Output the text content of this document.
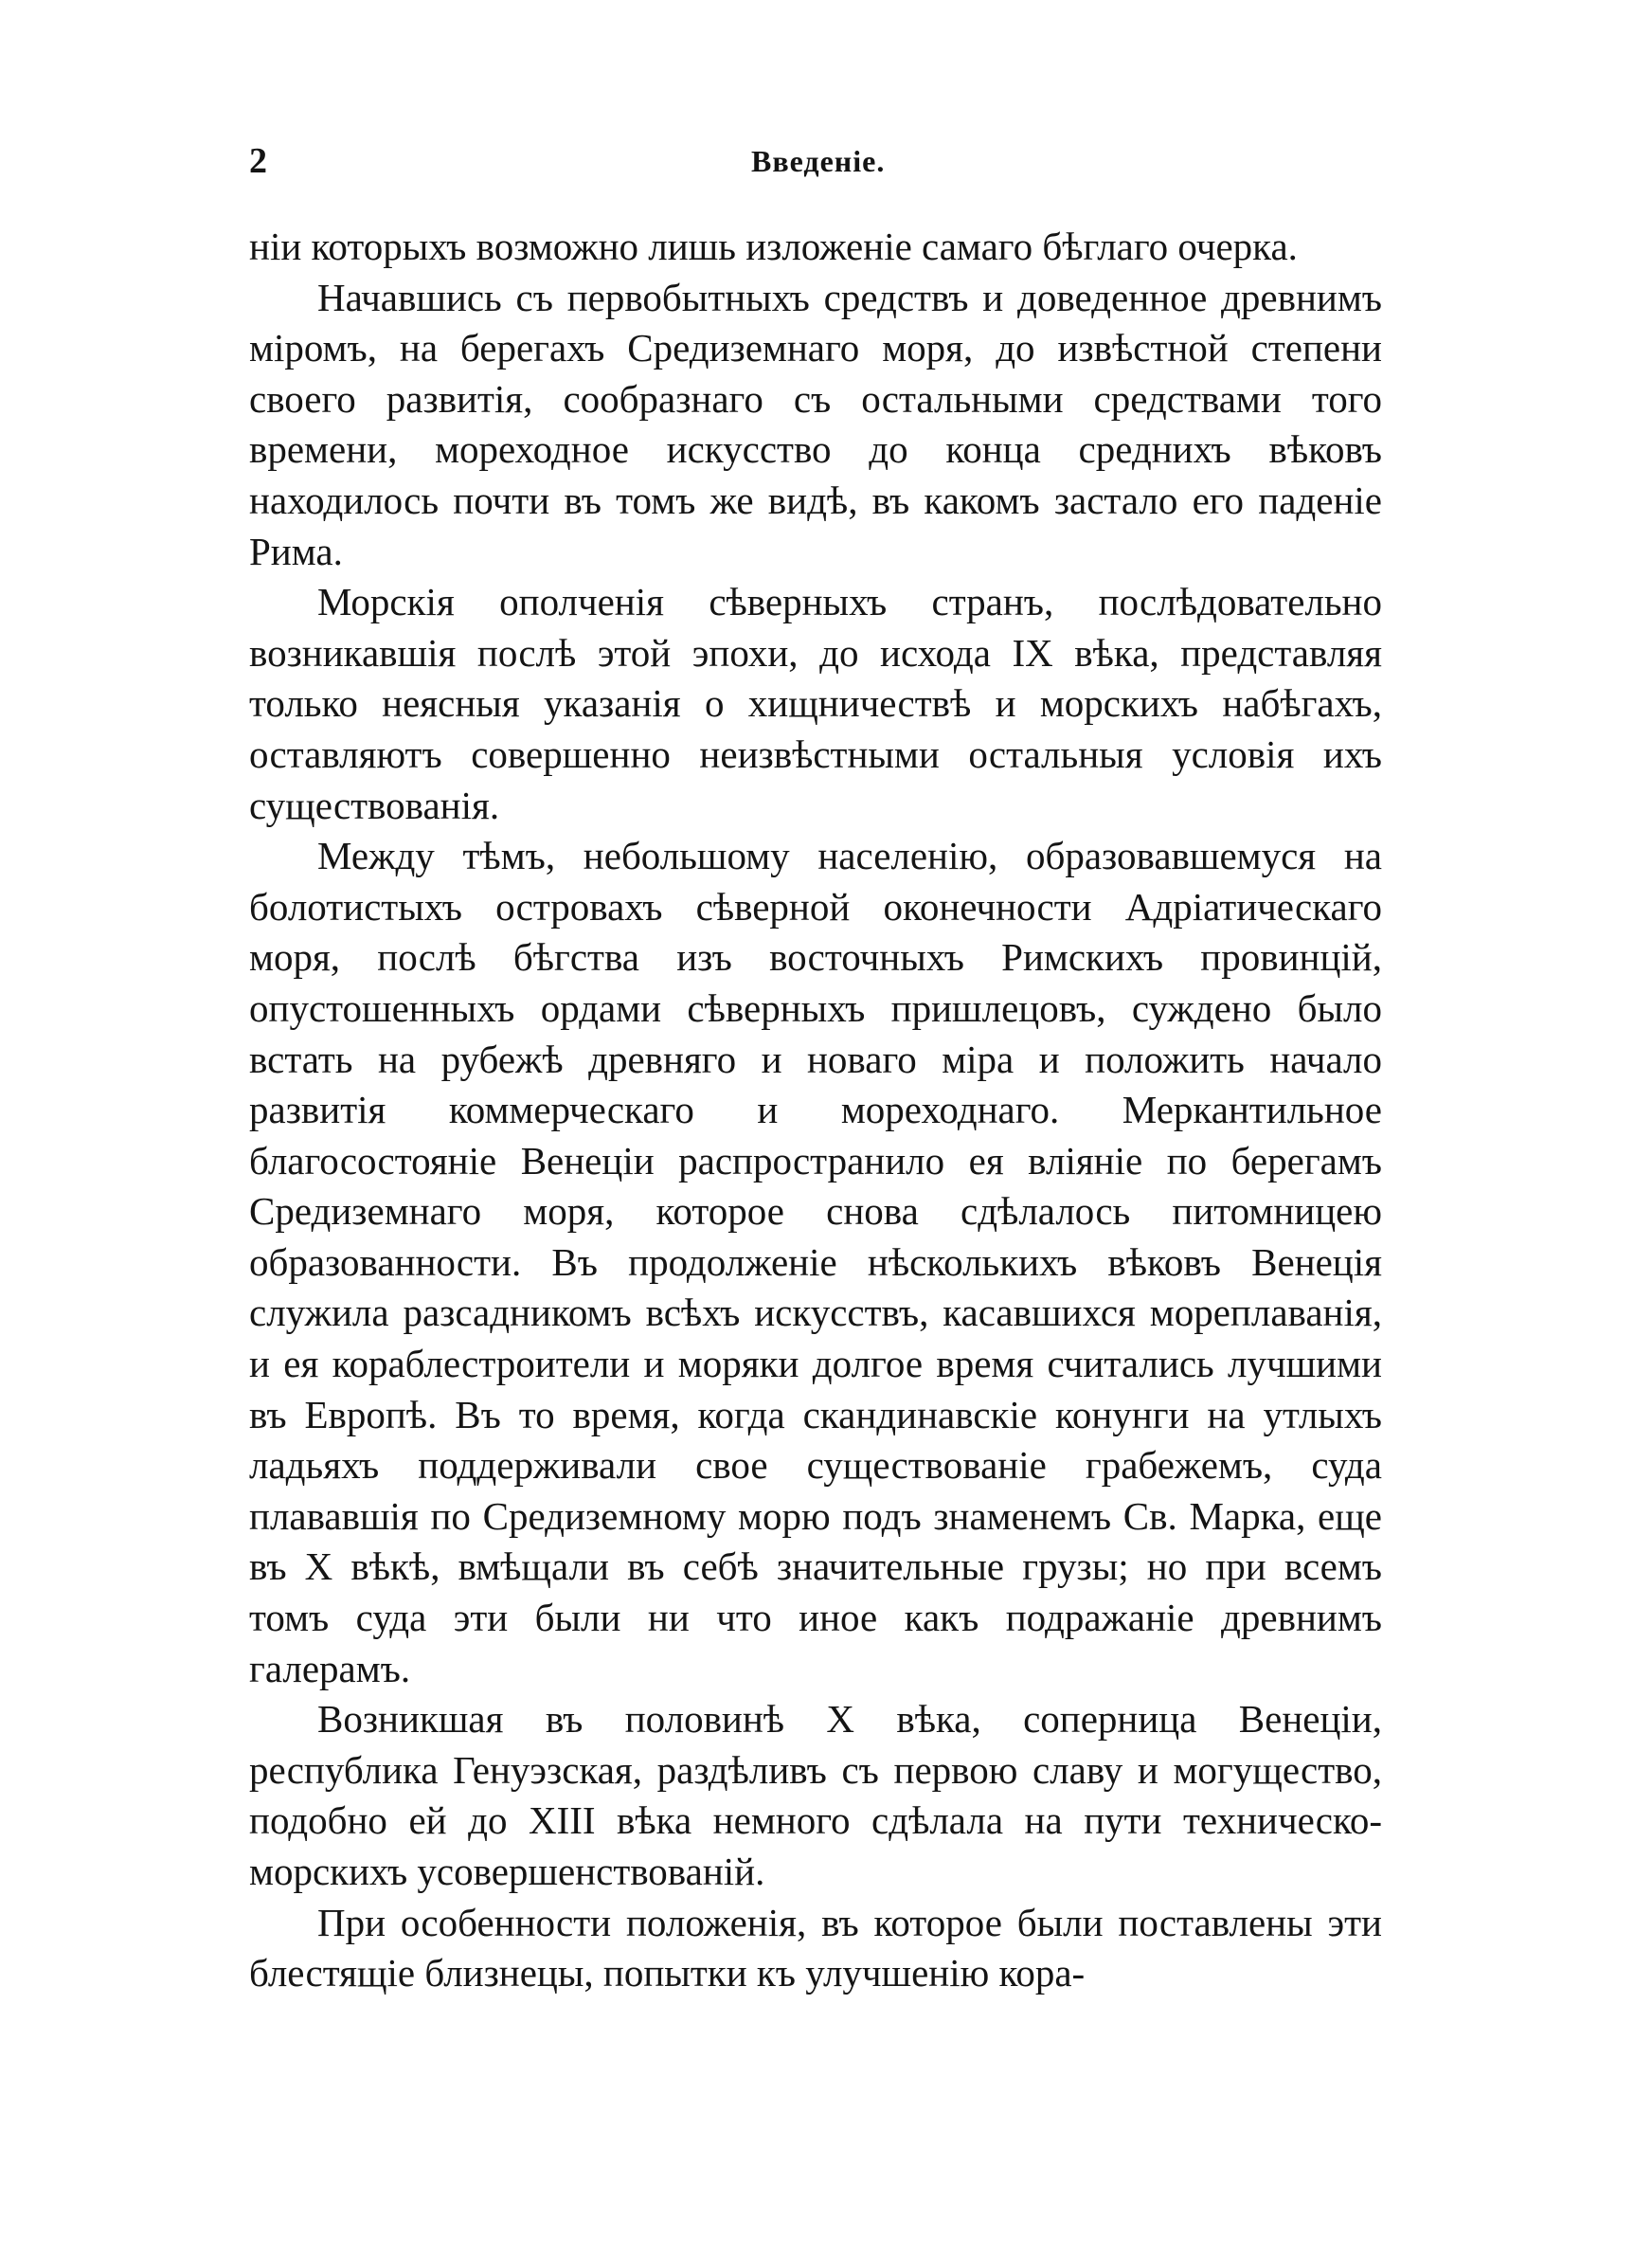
2	Введенiе.

нiи которыхъ возможно лишь изложенiе самаго бѣглаго очерка.

Начавшись съ первобытныхъ средствъ и доведенное древнимъ мiромъ, на берегахъ Средиземнаго моря, до извѣстной степени своего развитiя, сообразнаго съ остальными средствами того времени, мореходное искусство до конца среднихъ вѣковъ находилось почти въ томъ же видѣ, въ какомъ застало его паденiе Рима.

Морскiя ополченiя сѣверныхъ странъ, послѣдовательно возникавшiя послѣ этой эпохи, до исхода IX вѣка, представляя только неясныя указанiя о хищничествѣ и морскихъ набѣгахъ, оставляютъ совершенно неизвѣстными остальныя условiя ихъ существованiя.

Между тѣмъ, небольшому населенiю, образовавшемуся на болотистыхъ островахъ сѣверной оконечности Адрiатическаго моря, послѣ бѣгства изъ восточныхъ Римскихъ провинцiй, опустошенныхъ ордами сѣверныхъ пришлецовъ, суждено было встать на рубежѣ древняго и новаго мiра и положить начало развитiя коммерческаго и мореходнаго. Меркантильное благосостоянiе Венецiи распространило ея влiянiе по берегамъ Средиземнаго моря, которое снова сдѣлалось питомницею образованности. Въ продолженiе нѣсколькихъ вѣковъ Венецiя служила разсадникомъ всѣхъ искусствъ, касавшихся мореплаванiя, и ея кораблестроители и моряки долгое время считались лучшими въ Европѣ. Въ то время, когда скандинавскiе конунги на утлыхъ ладьяхъ поддерживали свое существованiе грабежемъ, суда плававшiя по Средиземному морю подъ знаменемъ Св. Марка, еще въ X вѣкѣ, вмѣщали въ себѣ значительные грузы; но при всемъ томъ суда эти были ни что иное какъ подражанiе древнимъ галерамъ.

Возникшая въ половинѣ X вѣка, соперница Венецiи, республика Генуэзская, раздѣливъ съ первою славу и могущество, подобно ей до XIII вѣка немного сдѣлала на пути техническо-морскихъ усовершенствованiй.

При особенности положенiя, въ которое были поставлены эти блестящiе близнецы, попытки къ улучшенiю кора-
